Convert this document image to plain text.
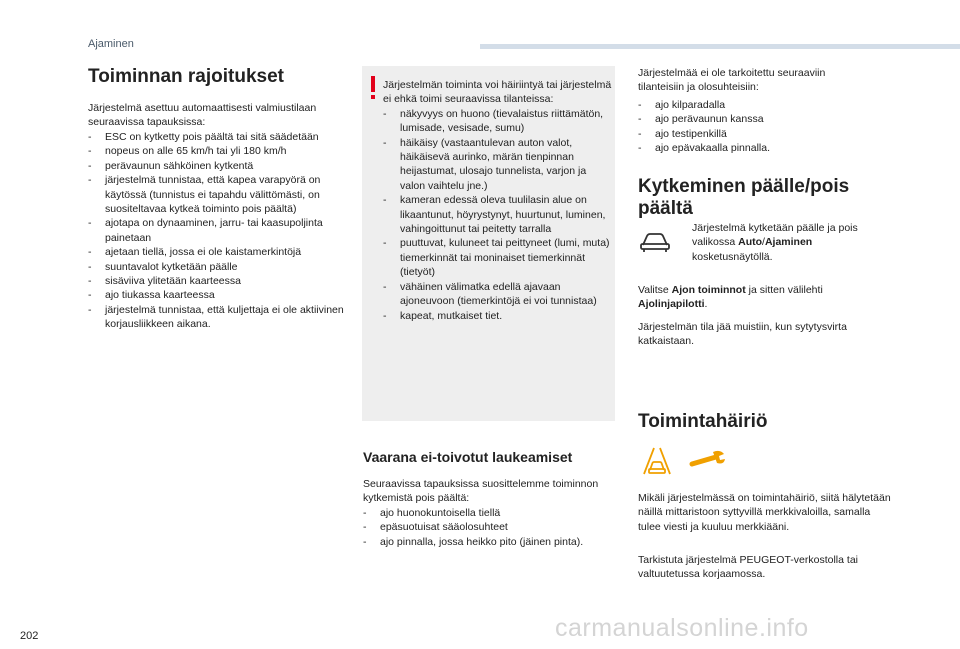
Ajaminen
Toiminnan rajoitukset
Järjestelmä asettuu automaattisesti valmiustilaan seuraavissa tapauksissa:
- ESC on kytketty pois päältä tai sitä säädetään
- nopeus on alle 65 km/h tai yli 180 km/h
- perävaunun sähköinen kytkentä
- järjestelmä tunnistaa, että kapea varapyörä on käytössä (tunnistus ei tapahdu välittömästi, on suositeltavaa kytkeä toiminto pois päältä)
- ajotapa on dynaaminen, jarru- tai kaasupoljinta painetaan
- ajetaan tiellä, jossa ei ole kaistamerkintöjä
- suuntavalot kytketään päälle
- sisäviiva ylitetään kaarteessa
- ajo tiukassa kaarteessa
- järjestelmä tunnistaa, että kuljettaja ei ole aktiivinen korjausliikkeen aikana.
Järjestelmän toiminta voi häiriintyä tai järjestelmä ei ehkä toimi seuraavissa tilanteissa:
- näkyvyys on huono (tievalaistus riittämätön, lumisade, vesisade, sumu)
- häikäisy (vastaantulevan auton valot, häikäisevä aurinko, märän tienpinnan heijastumat, ulosajo tunnelista, varjon ja valon vaihtelu jne.)
- kameran edessä oleva tuulilasin alue on likaantunut, höyrystynyt, huurtunut, luminen, vahingoittunut tai peitetty tarralla
- puuttuvat, kuluneet tai peittyneet (lumi, muta) tiemerkinnät tai moninaiset tiemerkinnät (tietyöt)
- vähäinen välimatka edellä ajavaan ajoneuvoon (tiemerkintöjä ei voi tunnistaa)
- kapeat, mutkaiset tiet.
Vaarana ei-toivotut laukeamiset
Seuraavissa tapauksissa suosittelemme toiminnon kytkemistä pois päältä:
- ajo huonokuntoisella tiellä
- epäsuotuisat sääolosuhteet
- ajo pinnalla, jossa heikko pito (jäinen pinta).
Järjestelmää ei ole tarkoitettu seuraaviin tilanteisiin ja olosuhteisiin:
- ajo kilparadalla
- ajo perävaunun kanssa
- ajo testipenkillä
- ajo epävakaalla pinnalla.
Kytkeminen päälle/pois
päältä
Järjestelmä kytketään päälle ja pois valikossa Auto/Ajaminen kosketusnäytöllä.
Valitse Ajon toiminnot ja sitten välilehti Ajolinjapilotti.
Järjestelmän tila jää muistiin, kun sytytysvirta katkaistaan.
Toimintahäiriö
Mikäli järjestelmässä on toimintahäiriö, siitä hälytetään näillä mittaristoon syttyvillä merkkivaloilla, samalla tulee viesti ja kuuluu merkkiääni.
Tarkistuta järjestelmä PEUGEOT-verkostolla tai valtuutetussa korjaamossa.
202	carmanualsonline.info
